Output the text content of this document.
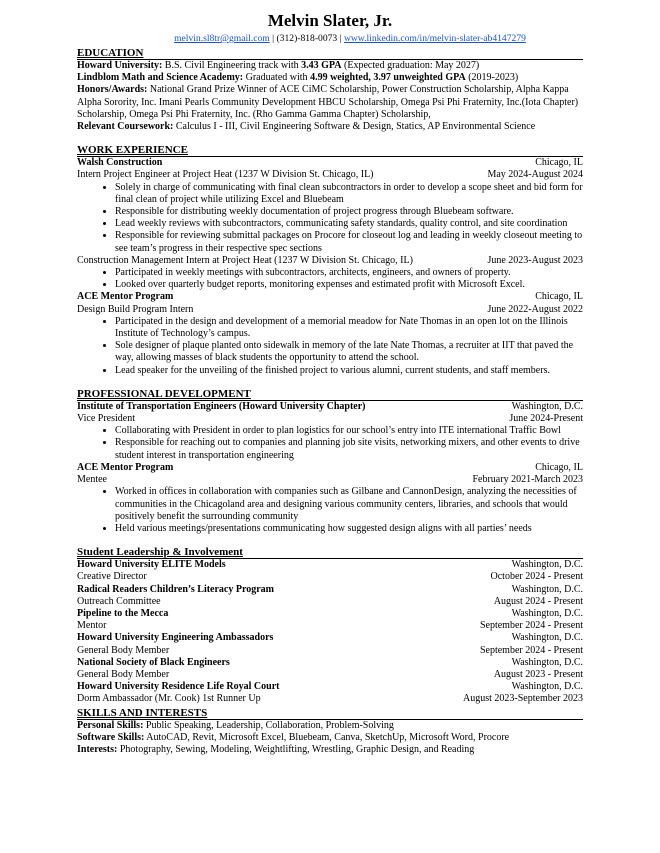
Melvin Slater, Jr.
melvin.sl8tr@gmail.com | (312)-818-0073 | www.linkedin.com/in/melvin-slater-ab4147279
EDUCATION
Howard University: B.S. Civil Engineering track with 3.43 GPA (Expected graduation: May 2027)
Lindblom Math and Science Academy: Graduated with 4.99 weighted, 3.97 unweighted GPA (2019-2023)
Honors/Awards: National Grand Prize Winner of ACE CiMC Scholarship, Power Construction Scholarship, Alpha Kappa Alpha Sorority, Inc. Imani Pearls Community Development HBCU Scholarship, Omega Psi Phi Fraternity, Inc.(Iota Chapter) Scholarship, Omega Psi Phi Fraternity, Inc. (Rho Gamma Gamma Chapter) Scholarship,
Relevant Coursework: Calculus I - III, Civil Engineering Software & Design, Statics, AP Environmental Science
WORK EXPERIENCE
Walsh Construction	Chicago, IL
Intern Project Engineer at Project Heat (1237 W Division St. Chicago, IL)	May 2024-August 2024
• Solely in charge of communicating with final clean subcontractors in order to develop a scope sheet and bid form for final clean of project while utilizing Excel and Bluebeam
• Responsible for distributing weekly documentation of project progress through Bluebeam software.
• Lead weekly reviews with subcontractors, communicating safety standards, quality control, and site coordination
• Responsible for reviewing submittal packages on Procore for closeout log and leading in weekly closeout meeting to see team’s progress in their respective spec sections
Construction Management Intern at Project Heat (1237 W Division St. Chicago, IL)	June 2023-August 2023
• Participated in weekly meetings with subcontractors, architects, engineers, and owners of property.
• Looked over quarterly budget reports, monitoring expenses and estimated profit with Microsoft Excel.
ACE Mentor Program	Chicago, IL
Design Build Program Intern	June 2022-August 2022
• Participated in the design and development of a memorial meadow for Nate Thomas in an open lot on the Illinois Institute of Technology’s campus.
• Sole designer of plaque planted onto sidewalk in memory of the late Nate Thomas, a recruiter at IIT that paved the way, allowing masses of black students the opportunity to attend the school.
• Lead speaker for the unveiling of the finished project to various alumni, current students, and staff members.
PROFESSIONAL DEVELOPMENT
Institute of Transportation Engineers (Howard University Chapter)	Washington, D.C.
Vice President	June 2024-Present
• Collaborating with President in order to plan logistics for our school’s entry into ITE international Traffic Bowl
• Responsible for reaching out to companies and planning job site visits, networking mixers, and other events to drive student interest in transportation engineering
ACE Mentor Program	Chicago, IL
Mentee	February 2021-March 2023
• Worked in offices in collaboration with companies such as Gilbane and CannonDesign, analyzing the necessities of communities in the Chicagoland area and designing various community centers, libraries, and schools that would positively benefit the surrounding community
• Held various meetings/presentations communicating how suggested design aligns with all parties’ needs
Student Leadership & Involvement
Howard University ELITE Models	Washington, D.C.
Creative Director	October 2024 - Present
Radical Readers Children’s Literacy Program	Washington, D.C.
Outreach Committee	August 2024 - Present
Pipeline to the Mecca	Washington, D.C.
Mentor	September 2024 - Present
Howard University Engineering Ambassadors	Washington, D.C.
General Body Member	September 2024 - Present
National Society of Black Engineers	Washington, D.C.
General Body Member	August 2023 - Present
Howard University Residence Life Royal Court	Washington, D.C.
Dorm Ambassador (Mr. Cook) 1st Runner Up	August 2023-September 2023
SKILLS AND INTERESTS
Personal Skills: Public Speaking, Leadership, Collaboration, Problem-Solving
Software Skills: AutoCAD, Revit, Microsoft Excel, Bluebeam, Canva, SketchUp, Microsoft Word, Procore
Interests: Photography, Sewing, Modeling, Weightlifting, Wrestling, Graphic Design, and Reading
